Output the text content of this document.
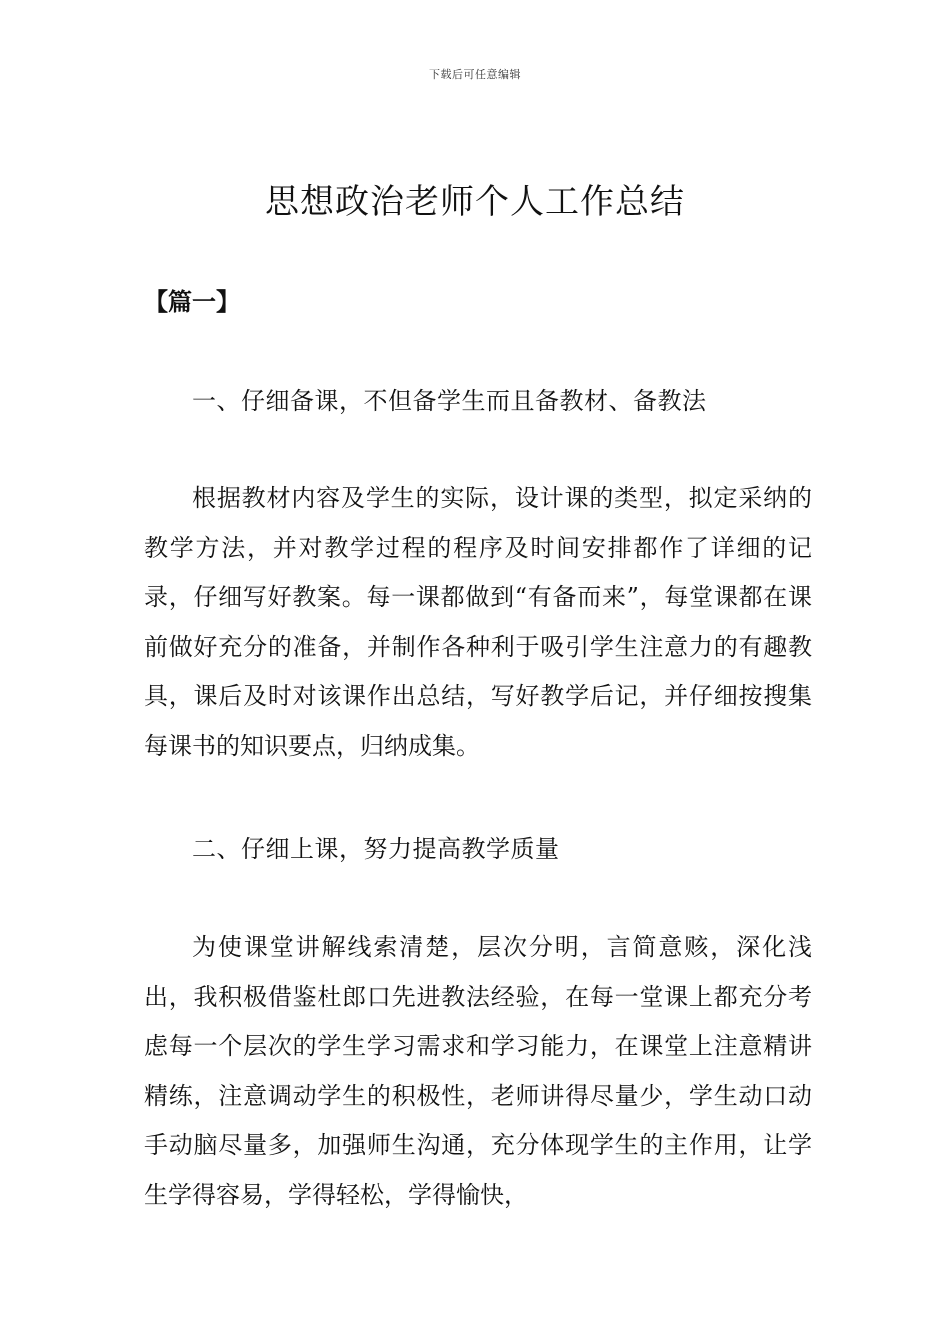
下载后可任意编辑
思想政治老师个人工作总结
【篇一】
一、仔细备课，不但备学生而且备教材、备教法

根据教材内容及学生的实际，设计课的类型，拟定采纳的教学方法，并对教学过程的程序及时间安排都作了详细的记录，仔细写好教案。每一课都做到“有备而来”，每堂课都在课前做好充分的准备，并制作各种利于吸引学生注意力的有趣教具，课后及时对该课作出总结，写好教学后记，并仔细按搜集每课书的知识要点，归纳成集。

二、仔细上课，努力提高教学质量

为使课堂讲解线索清楚，层次分明，言简意赅，深化浅出，我积极借鉴杜郎口先进教法经验，在每一堂课上都充分考虑每一个层次的学生学习需求和学习能力，在课堂上注意精讲精练，注意调动学生的积极性，老师讲得尽量少，学生动口动手动脑尽量多，加强师生沟通，充分体现学生的主作用，让学生学得容易，学得轻松，学得愉快，
